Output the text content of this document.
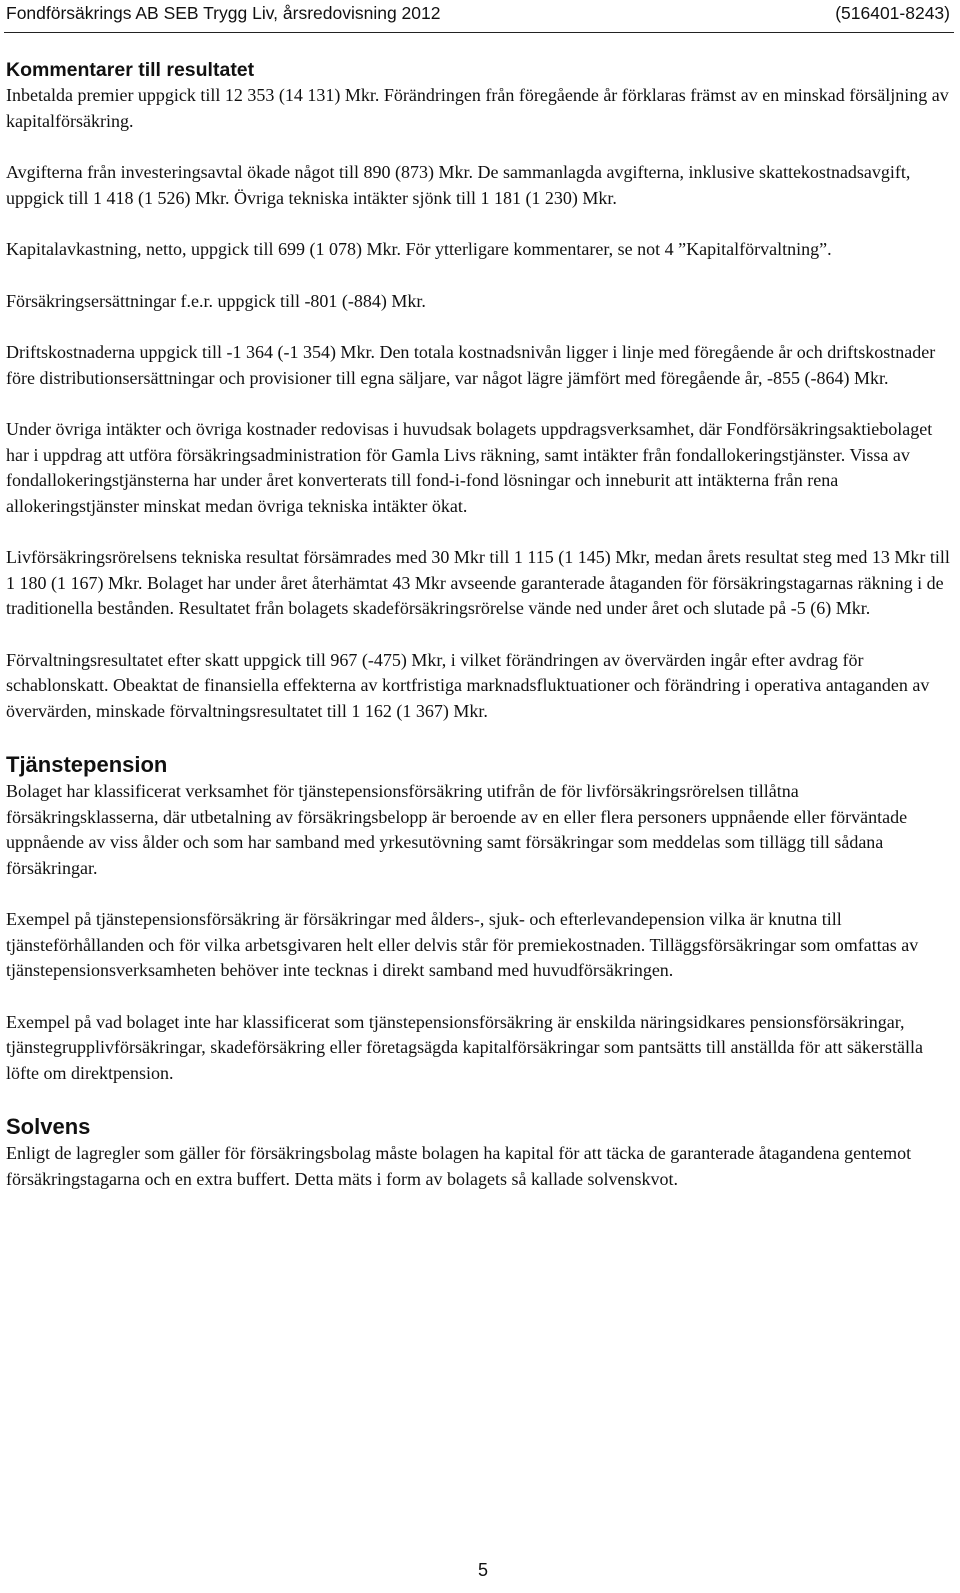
Fondförsäkrings AB SEB Trygg Liv, årsredovisning 2012	(516401-8243)
Kommentarer till resultatet

Inbetalda premier uppgick till 12 353 (14 131) Mkr. Förändringen från föregående år förklaras främst av en minskad försäljning av kapitalförsäkring.

Avgifterna från investeringsavtal ökade något till 890 (873) Mkr. De sammanlagda avgifterna, inklusive skattekostnadsavgift, uppgick till 1 418 (1 526) Mkr. Övriga tekniska intäkter sjönk till 1 181 (1 230) Mkr.

Kapitalavkastning, netto, uppgick till 699 (1 078) Mkr. För ytterligare kommentarer, se not 4 ”Kapitalförvaltning”.

Försäkringsersättningar f.e.r. uppgick till -801 (-884) Mkr.

Driftskostnaderna uppgick till -1 364 (-1 354) Mkr. Den totala kostnadsnivån ligger i linje med föregående år och driftskostnader före distributionsersättningar och provisioner till egna säljare, var något lägre jämfört med föregående år, -855 (-864) Mkr.

Under övriga intäkter och övriga kostnader redovisas i huvudsak bolagets uppdragsverksamhet, där Fondförsäkringsaktiebolaget har i uppdrag att utföra försäkringsadministration för Gamla Livs räkning, samt intäkter från fondallokeringstjänster. Vissa av fondallokeringstjänsterna har under året konverterats till fond-i-fond lösningar och inneburit att intäkterna från rena allokeringstjänster minskat medan övriga tekniska intäkter ökat.

Livförsäkringsrörelsens tekniska resultat försämrades med 30 Mkr till 1 115 (1 145) Mkr, medan årets resultat steg med 13 Mkr till 1 180 (1 167) Mkr. Bolaget har under året återhämtat 43 Mkr avseende garanterade åtaganden för försäkringstagarnas räkning i de traditionella bestånden. Resultatet från bolagets skadeförsäkringsrörelse vände ned under året och slutade på -5 (6) Mkr.

Förvaltningsresultatet efter skatt uppgick till 967 (-475) Mkr, i vilket förändringen av övervärden ingår efter avdrag för schablonskatt. Obeaktat de finansiella effekterna av kortfristiga marknadsfluktuationer och förändring i operativa antaganden av övervärden, minskade förvaltningsresultatet till 1 162 (1 367) Mkr.

Tjänstepension

Bolaget har klassificerat verksamhet för tjänstepensionsförsäkring utifrån de för livförsäkringsrörelsen tillåtna försäkringsklasserna, där utbetalning av försäkringsbelopp är beroende av en eller flera personers uppnående eller förväntade uppnående av viss ålder och som har samband med yrkesutövning samt försäkringar som meddelas som tillägg till sådana försäkringar.

Exempel på tjänstepensionsförsäkring är försäkringar med ålders-, sjuk- och efterlevandepension vilka är knutna till tjänsteförhållanden och för vilka arbetsgivaren helt eller delvis står för premiekostnaden. Tilläggsförsäkringar som omfattas av tjänstepensionsverksamheten behöver inte tecknas i direkt samband med huvudförsäkringen.

Exempel på vad bolaget inte har klassificerat som tjänstepensionsförsäkring är enskilda näringsidkares pensionsförsäkringar, tjänstegrupplivförsäkringar, skadeförsäkring eller företagsägda kapitalförsäkringar som pantsätts till anställda för att säkerställa löfte om direktpension.

Solvens

Enligt de lagregler som gäller för försäkringsbolag måste bolagen ha kapital för att täcka de garanterade åtagandena gentemot försäkringstagarna och en extra buffert. Detta mäts i form av bolagets så kallade solvenskvot.

5
